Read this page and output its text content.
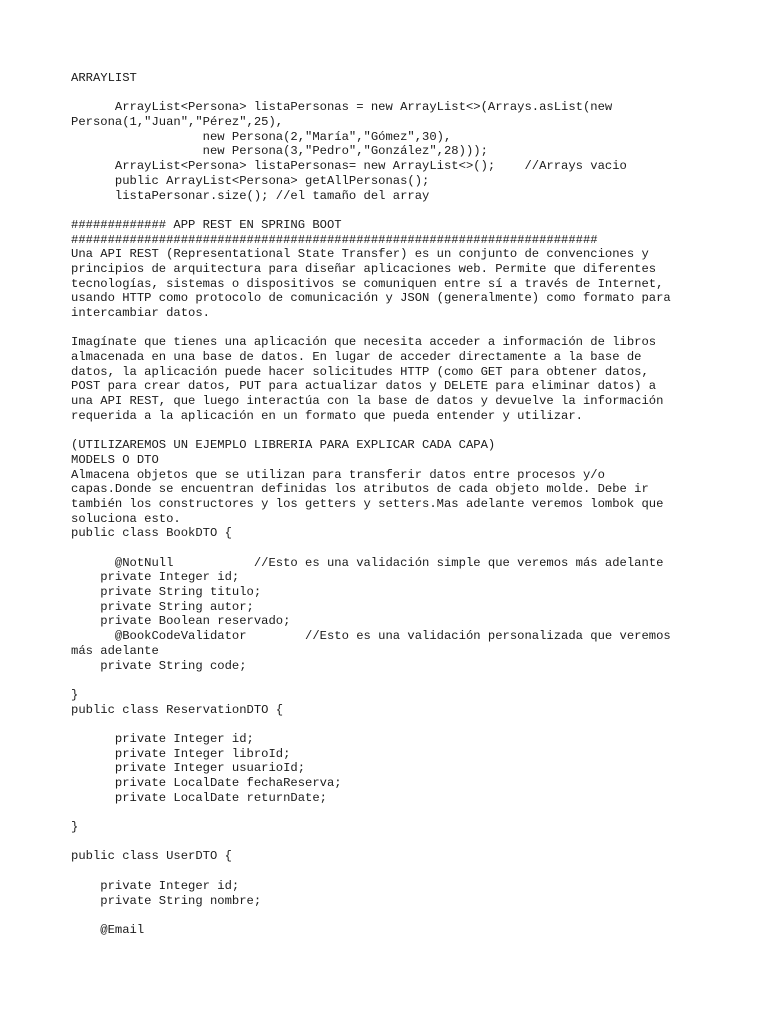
ARRAYLIST
ArrayList<Persona> listaPersonas = new ArrayList<>(Arrays.asList(new
Persona(1,"Juan","Pérez",25),
new Persona(2,"María","Gómez",30),
new Persona(3,"Pedro","González",28)));
ArrayList<Persona> listaPersonas= new ArrayList<>();    //Arrays vacio
public ArrayList<Persona> getAllPersonas();
listaPersonar.size(); //el tamaño del array
############# APP REST EN SPRING BOOT
########################################################################
Una API REST (Representational State Transfer) es un conjunto de convenciones y
principios de arquitectura para diseñar aplicaciones web. Permite que diferentes
tecnologías, sistemas o dispositivos se comuniquen entre sí a través de Internet,
usando HTTP como protocolo de comunicación y JSON (generalmente) como formato para
intercambiar datos.
Imagínate que tienes una aplicación que necesita acceder a información de libros
almacenada en una base de datos. En lugar de acceder directamente a la base de
datos, la aplicación puede hacer solicitudes HTTP (como GET para obtener datos,
POST para crear datos, PUT para actualizar datos y DELETE para eliminar datos) a
una API REST, que luego interactúa con la base de datos y devuelve la información
requerida a la aplicación en un formato que pueda entender y utilizar.
(UTILIZAREMOS UN EJEMPLO LIBRERIA PARA EXPLICAR CADA CAPA)
MODELS O DTO
Almacena objetos que se utilizan para transferir datos entre procesos y/o
capas.Donde se encuentran definidas los atributos de cada objeto molde. Debe ir
también los constructores y los getters y setters.Mas adelante veremos lombok que
soluciona esto.
public class BookDTO {
@NotNull           //Esto es una validación simple que veremos más adelante
private Integer id;
private String titulo;
private String autor;
private Boolean reservado;
@BookCodeValidator        //Esto es una validación personalizada que veremos
más adelante
private String code;
}
public class ReservationDTO {
private Integer id;
private Integer libroId;
private Integer usuarioId;
private LocalDate fechaReserva;
private LocalDate returnDate;
}
public class UserDTO {
private Integer id;
private String nombre;
@Email
